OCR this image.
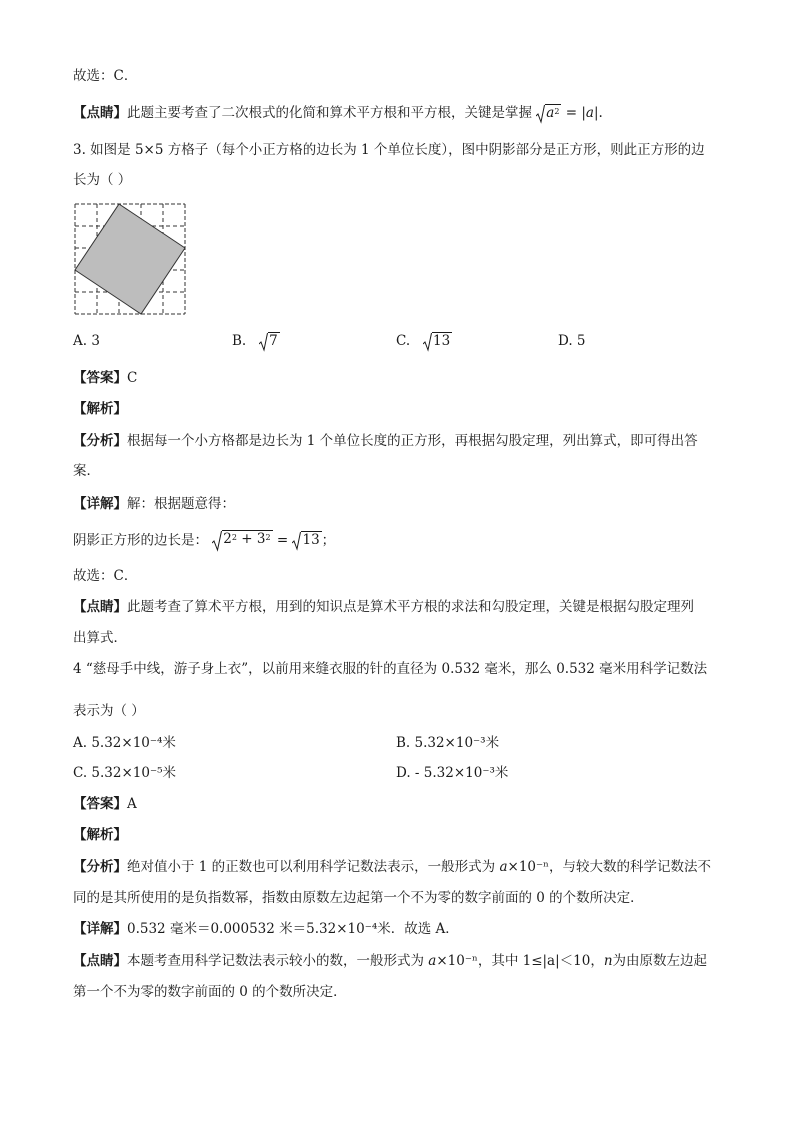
故选：C．
【点睛】此题主要考查了二次根式的化简和算术平方根和平方根，关键是掌握 $a^2 = |a|$.
3. 如图是 5×5 方格子（每个小正方格的边长为 1 个单位长度），图中阴影部分是正方形，则此正方形的边
长为（ ）
A. 3	B. 7	C. 13	D. 5
【答案】C
【解析】
【分析】根据每一个小方格都是边长为 1 个单位长度的正方形，再根据勾股定理，列出算式，即可得出答
案．
【详解】解：根据题意得：
阴影正方形的边长是： $2^2 + 3^2 = 13$ ；
故选：C．
【点睛】此题考查了算术平方根，用到的知识点是算术平方根的求法和勾股定理，关键是根据勾股定理列
出算式．
4 “慈母手中线，游子身上衣”，以前用来缝衣服的针的直径为 0.532 毫米，那么 0.532 毫米用科学记数法
表示为（ ）
A. 5.32×10⁻⁴米	B. 5.32×10⁻³米
C. 5.32×10⁻⁵米	D. - 5.32×10⁻³米
【答案】A
【解析】
【分析】绝对值小于 1 的正数也可以利用科学记数法表示，一般形式为 a×10⁻ⁿ，与较大数的科学记数法不
同的是其所使用的是负指数幂，指数由原数左边起第一个不为零的数字前面的 0 的个数所决定．
【详解】0.532 毫米＝0.000532 米＝5.32×10⁻⁴米．故选 A．
【点睛】本题考查用科学记数法表示较小的数，一般形式为 a×10⁻ⁿ，其中 1≤|a|＜10，n为由原数左边起
第一个不为零的数字前面的 0 的个数所决定．
